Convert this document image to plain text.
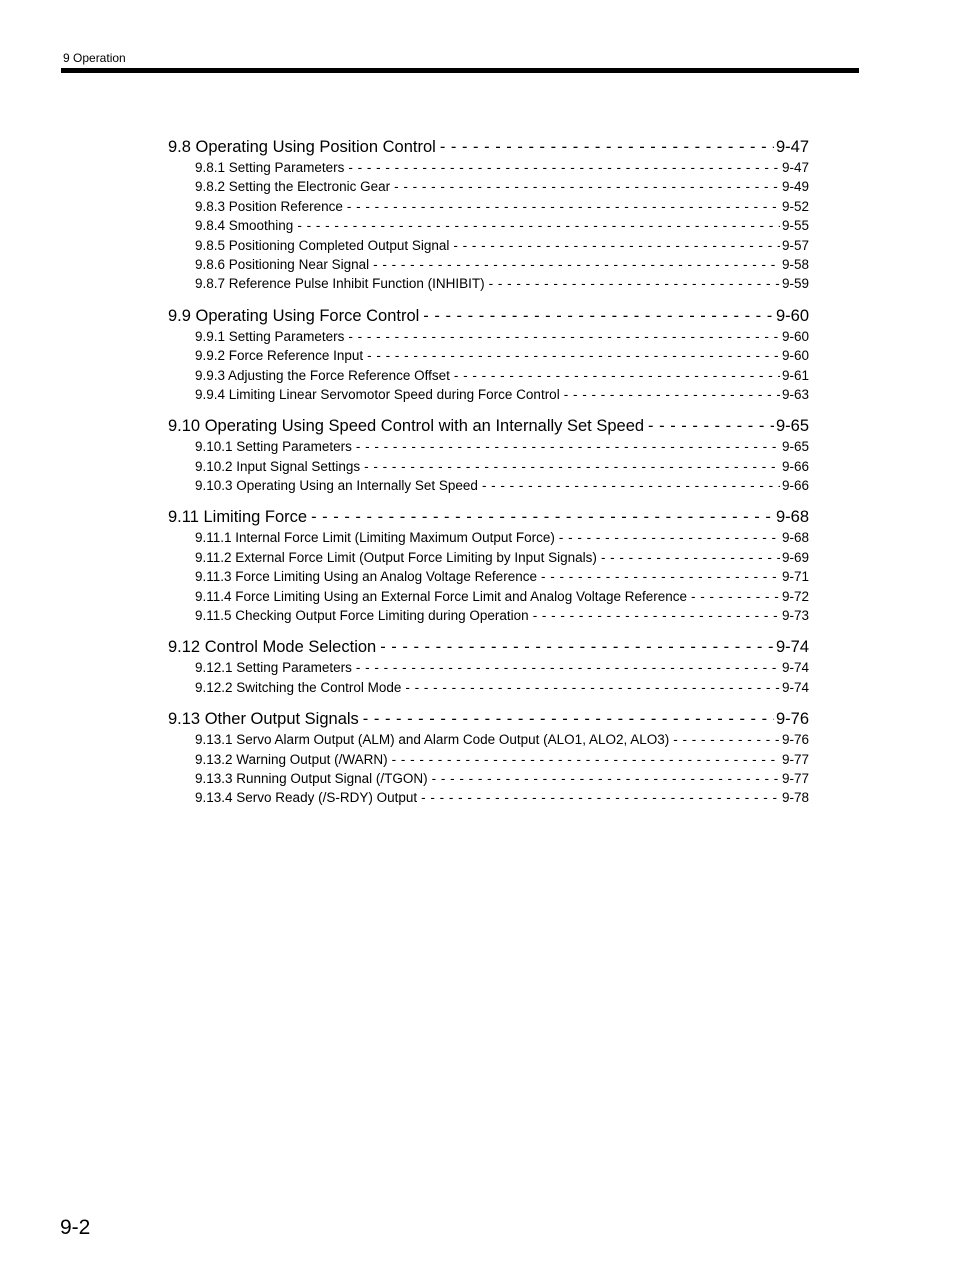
9 Operation
9.8 Operating Using Position Control - - -	9-47
9.8.1 Setting Parameters - - -	9-47
9.8.2 Setting the Electronic Gear - - -	9-49
9.8.3 Position Reference - - -	9-52
9.8.4 Smoothing - - -	9-55
9.8.5 Positioning Completed Output Signal - - -	9-57
9.8.6 Positioning Near Signal - - -	9-58
9.8.7 Reference Pulse Inhibit Function (INHIBIT) - - -	9-59
9.9 Operating Using Force Control - - -	9-60
9.9.1 Setting Parameters - - -	9-60
9.9.2 Force Reference Input - - -	9-60
9.9.3 Adjusting the Force Reference Offset - - -	9-61
9.9.4 Limiting Linear Servomotor Speed during Force Control - - -	9-63
9.10 Operating Using Speed Control with an Internally Set Speed - - -	9-65
9.10.1 Setting Parameters - - -	9-65
9.10.2 Input Signal Settings - - -	9-66
9.10.3 Operating Using an Internally Set Speed - - -	9-66
9.11 Limiting Force - - -	9-68
9.11.1 Internal Force Limit (Limiting Maximum Output Force) - - -	9-68
9.11.2 External Force Limit (Output Force Limiting by Input Signals) - - -	9-69
9.11.3 Force Limiting Using an Analog Voltage Reference - - -	9-71
9.11.4 Force Limiting Using an External Force Limit and Analog Voltage Reference - - -	9-72
9.11.5 Checking Output Force Limiting during Operation - - -	9-73
9.12 Control Mode Selection - - -	9-74
9.12.1 Setting Parameters - - -	9-74
9.12.2 Switching the Control Mode - - -	9-74
9.13 Other Output Signals - - -	9-76
9.13.1 Servo Alarm Output (ALM) and Alarm Code Output (ALO1, ALO2, ALO3) - - -	9-76
9.13.2 Warning Output (/WARN) - - -	9-77
9.13.3 Running Output Signal (/TGON) - - -	9-77
9.13.4 Servo Ready (/S-RDY) Output - - -	9-78
9-2
